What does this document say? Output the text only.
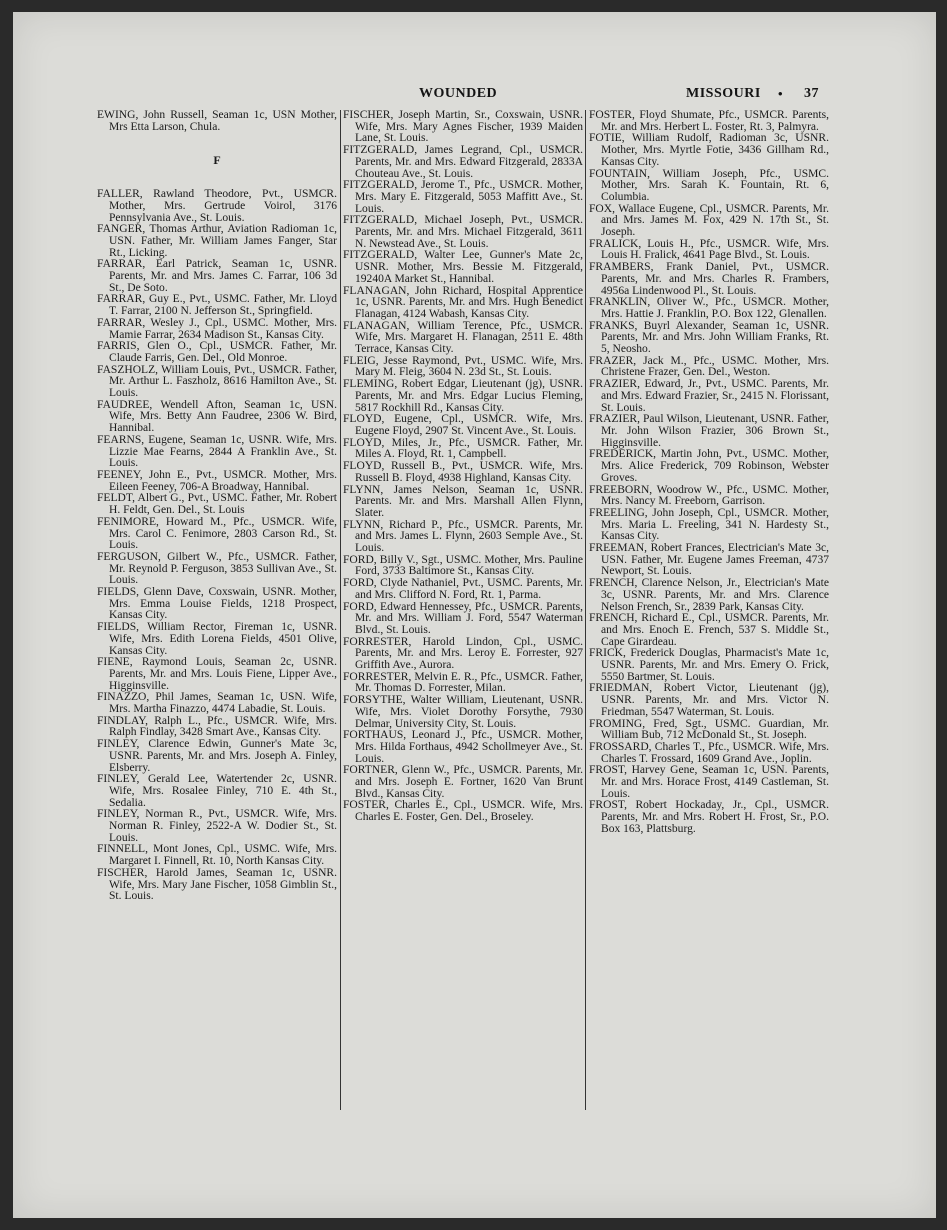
WOUNDED	MISSOURI • 37

EWING, John Russell, Seaman 1c, USN Mother, Mrs Etta Larson, Chula.

F

FALLER, Rawland Theodore, Pvt., USMCR. Mother, Mrs. Gertrude Voirol, 3176 Pennsylvania Ave., St. Louis.

FANGER, Thomas Arthur, Aviation Radioman 1c, USN. Father, Mr. William James Fanger, Star Rt., Licking.

FARRAR, Earl Patrick, Seaman 1c, USNR. Parents, Mr. and Mrs. James C. Farrar, 106 3d St., De Soto.

FARRAR, Guy E., Pvt., USMC. Father, Mr. Lloyd T. Farrar, 2100 N. Jefferson St., Springfield.

FARRAR, Wesley J., Cpl., USMC. Mother, Mrs. Mamie Farrar, 2634 Madison St., Kansas City.

FARRIS, Glen O., Cpl., USMCR. Father, Mr. Claude Farris, Gen. Del., Old Monroe.

FASZHOLZ, William Louis, Pvt., USMCR. Father, Mr. Arthur L. Faszholz, 8616 Hamilton Ave., St. Louis.

FAUDREE, Wendell Afton, Seaman 1c, USN. Wife, Mrs. Betty Ann Faudree, 2306 W. Bird, Hannibal.

FEARNS, Eugene, Seaman 1c, USNR. Wife, Mrs. Lizzie Mae Fearns, 2844 A Franklin Ave., St. Louis.

FEENEY, John E., Pvt., USMCR. Mother, Mrs. Eileen Feeney, 706-A Broadway, Hannibal.

FELDT, Albert G., Pvt., USMC. Father, Mr. Robert H. Feldt, Gen. Del., St. Louis

FENIMORE, Howard M., Pfc., USMCR. Wife, Mrs. Carol C. Fenimore, 2803 Carson Rd., St. Louis.

FERGUSON, Gilbert W., Pfc., USMCR. Father, Mr. Reynold P. Ferguson, 3853 Sullivan Ave., St. Louis.

FIELDS, Glenn Dave, Coxswain, USNR. Mother, Mrs. Emma Louise Fields, 1218 Prospect, Kansas City.

FIELDS, William Rector, Fireman 1c, USNR. Wife, Mrs. Edith Lorena Fields, 4501 Olive, Kansas City.

FIENE, Raymond Louis, Seaman 2c, USNR. Parents, Mr. and Mrs. Louis Fiene, Lipper Ave., Higginsville.

FINAZZO, Phil James, Seaman 1c, USN. Wife, Mrs. Martha Finazzo, 4474 Labadie, St. Louis.

FINDLAY, Ralph L., Pfc., USMCR. Wife, Mrs. Ralph Findlay, 3428 Smart Ave., Kansas City.

FINLEY, Clarence Edwin, Gunner's Mate 3c, USNR. Parents, Mr. and Mrs. Joseph A. Finley, Elsberry.

FINLEY, Gerald Lee, Watertender 2c, USNR. Wife, Mrs. Rosalee Finley, 710 E. 4th St., Sedalia.

FINLEY, Norman R., Pvt., USMCR. Wife, Mrs. Norman R. Finley, 2522-A W. Dodier St., St. Louis.

FINNELL, Mont Jones, Cpl., USMC. Wife, Mrs. Margaret I. Finnell, Rt. 10, North Kansas City.

FISCHER, Harold James, Seaman 1c, USNR. Wife, Mrs. Mary Jane Fischer, 1058 Gimblin St., St. Louis.

FISCHER, Joseph Martin, Sr., Coxswain, USNR. Wife, Mrs. Mary Agnes Fischer, 1939 Maiden Lane, St. Louis.

FITZGERALD, James Legrand, Cpl., USMCR. Parents, Mr. and Mrs. Edward Fitzgerald, 2833A Chouteau Ave., St. Louis.

FITZGERALD, Jerome T., Pfc., USMCR. Mother, Mrs. Mary E. Fitzgerald, 5053 Maffitt Ave., St. Louis.

FITZGERALD, Michael Joseph, Pvt., USMCR. Parents, Mr. and Mrs. Michael Fitzgerald, 3611 N. Newstead Ave., St. Louis.

FITZGERALD, Walter Lee, Gunner's Mate 2c, USNR. Mother, Mrs. Bessie M. Fitzgerald, 19240A Market St., Hannibal.

FLANAGAN, John Richard, Hospital Apprentice 1c, USNR. Parents, Mr. and Mrs. Hugh Benedict Flanagan, 4124 Wabash, Kansas City.

FLANAGAN, William Terence, Pfc., USMCR. Wife, Mrs. Margaret H. Flanagan, 2511 E. 48th Terrace, Kansas City.

FLEIG, Jesse Raymond, Pvt., USMC. Wife, Mrs. Mary M. Fleig, 3604 N. 23d St., St. Louis.

FLEMING, Robert Edgar, Lieutenant (jg), USNR. Parents, Mr. and Mrs. Edgar Lucius Fleming, 5817 Rockhill Rd., Kansas City.

FLOYD, Eugene, Cpl., USMCR. Wife, Mrs. Eugene Floyd, 2907 St. Vincent Ave., St. Louis.

FLOYD, Miles, Jr., Pfc., USMCR. Father, Mr. Miles A. Floyd, Rt. 1, Campbell.

FLOYD, Russell B., Pvt., USMCR. Wife, Mrs. Russell B. Floyd, 4938 Highland, Kansas City.

FLYNN, James Nelson, Seaman 1c, USNR. Parents. Mr. and Mrs. Marshall Allen Flynn, Slater.

FLYNN, Richard P., Pfc., USMCR. Parents, Mr. and Mrs. James L. Flynn, 2603 Semple Ave., St. Louis.

FORD, Billy V., Sgt., USMC. Mother, Mrs. Pauline Ford, 3733 Baltimore St., Kansas City.

FORD, Clyde Nathaniel, Pvt., USMC. Parents, Mr. and Mrs. Clifford N. Ford, Rt. 1, Parma.

FORD, Edward Hennessey, Pfc., USMCR. Parents, Mr. and Mrs. William J. Ford, 5547 Waterman Blvd., St. Louis.

FORRESTER, Harold Lindon, Cpl., USMC. Parents, Mr. and Mrs. Leroy E. Forrester, 927 Griffith Ave., Aurora.

FORRESTER, Melvin E. R., Pfc., USMCR. Father, Mr. Thomas D. Forrester, Milan.

FORSYTHE, Walter William, Lieutenant, USNR. Wife, Mrs. Violet Dorothy Forsythe, 7930 Delmar, University City, St. Louis.

FORTHAUS, Leonard J., Pfc., USMCR. Mother, Mrs. Hilda Forthaus, 4942 Schollmeyer Ave., St. Louis.

FORTNER, Glenn W., Pfc., USMCR. Parents, Mr. and Mrs. Joseph E. Fortner, 1620 Van Brunt Blvd., Kansas City.

FOSTER, Charles E., Cpl., USMCR. Wife, Mrs. Charles E. Foster, Gen. Del., Broseley.

FOSTER, Floyd Shumate, Pfc., USMCR. Parents, Mr. and Mrs. Herbert L. Foster, Rt. 3, Palmyra.

FOTIE, William Rudolf, Radioman 3c, USNR. Mother, Mrs. Myrtle Fotie, 3436 Gillham Rd., Kansas City.

FOUNTAIN, William Joseph, Pfc., USMC. Mother, Mrs. Sarah K. Fountain, Rt. 6, Columbia.

FOX, Wallace Eugene, Cpl., USMCR. Parents, Mr. and Mrs. James M. Fox, 429 N. 17th St., St. Joseph.

FRALICK, Louis H., Pfc., USMCR. Wife, Mrs. Louis H. Fralick, 4641 Page Blvd., St. Louis.

FRAMBERS, Frank Daniel, Pvt., USMCR. Parents, Mr. and Mrs. Charles R. Frambers, 4956a Lindenwood Pl., St. Louis.

FRANKLIN, Oliver W., Pfc., USMCR. Mother, Mrs. Hattie J. Franklin, P.O. Box 122, Glenallen.

FRANKS, Buyrl Alexander, Seaman 1c, USNR. Parents, Mr. and Mrs. John William Franks, Rt. 5, Neosho.

FRAZER, Jack M., Pfc., USMC. Mother, Mrs. Christene Frazer, Gen. Del., Weston.

FRAZIER, Edward, Jr., Pvt., USMC. Parents, Mr. and Mrs. Edward Frazier, Sr., 2415 N. Florissant, St. Louis.

FRAZIER, Paul Wilson, Lieutenant, USNR. Father, Mr. John Wilson Frazier, 306 Brown St., Higginsville.

FREDERICK, Martin John, Pvt., USMC. Mother, Mrs. Alice Frederick, 709 Robinson, Webster Groves.

FREEBORN, Woodrow W., Pfc., USMC. Mother, Mrs. Nancy M. Freeborn, Garrison.

FREELING, John Joseph, Cpl., USMCR. Mother, Mrs. Maria L. Freeling, 341 N. Hardesty St., Kansas City.

FREEMAN, Robert Frances, Electrician's Mate 3c, USN. Father, Mr. Eugene James Freeman, 4737 Newport, St. Louis.

FRENCH, Clarence Nelson, Jr., Electrician's Mate 3c, USNR. Parents, Mr. and Mrs. Clarence Nelson French, Sr., 2839 Park, Kansas City.

FRENCH, Richard E., Cpl., USMCR. Parents, Mr. and Mrs. Enoch E. French, 537 S. Middle St., Cape Girardeau.

FRICK, Frederick Douglas, Pharmacist's Mate 1c, USNR. Parents, Mr. and Mrs. Emery O. Frick, 5550 Bartmer, St. Louis.

FRIEDMAN, Robert Victor, Lieutenant (jg), USNR. Parents, Mr. and Mrs. Victor N. Friedman, 5547 Waterman, St. Louis.

FROMING, Fred, Sgt., USMC. Guardian, Mr. William Bub, 712 McDonald St., St. Joseph.

FROSSARD, Charles T., Pfc., USMCR. Wife, Mrs. Charles T. Frossard, 1609 Grand Ave., Joplin.

FROST, Harvey Gene, Seaman 1c, USN. Parents, Mr. and Mrs. Horace Frost, 4149 Castleman, St. Louis.

FROST, Robert Hockaday, Jr., Cpl., USMCR. Parents, Mr. and Mrs. Robert H. Frost, Sr., P.O. Box 163, Plattsburg.
